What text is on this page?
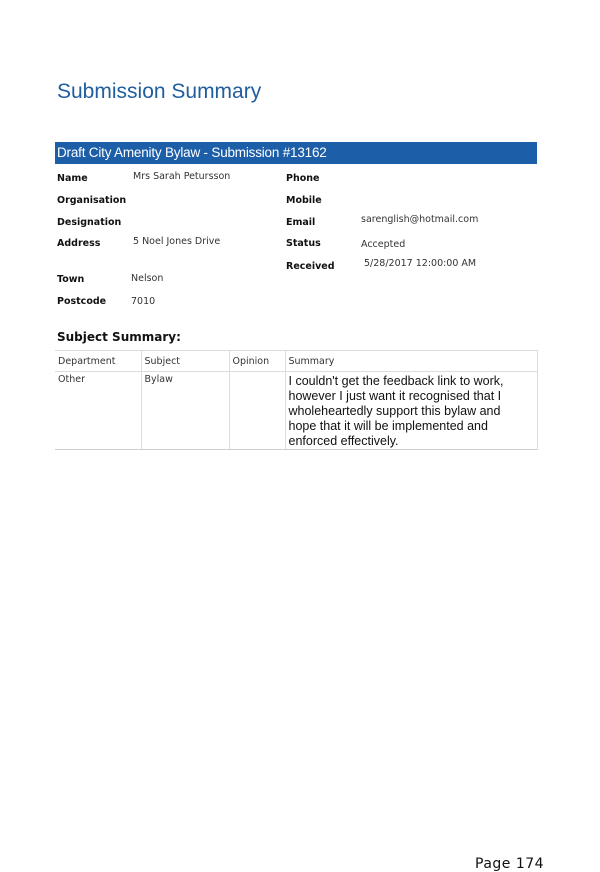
Submission Summary
Draft City Amenity Bylaw - Submission #13162
Name	Mrs Sarah Petursson
Organisation
Designation
Address	5 Noel Jones Drive
Town	Nelson
Postcode	7010
Phone
Mobile
Email	sarenglish@hotmail.com
Status	Accepted
Received	5/28/2017 12:00:00 AM
Subject Summary:
Department	Subject	Opinion	Summary
Other	Bylaw		I couldn't get the feedback link to work, however I just want it recognised that I wholeheartedly support this bylaw and hope that it will be implemented and enforced effectively.
Page 174
